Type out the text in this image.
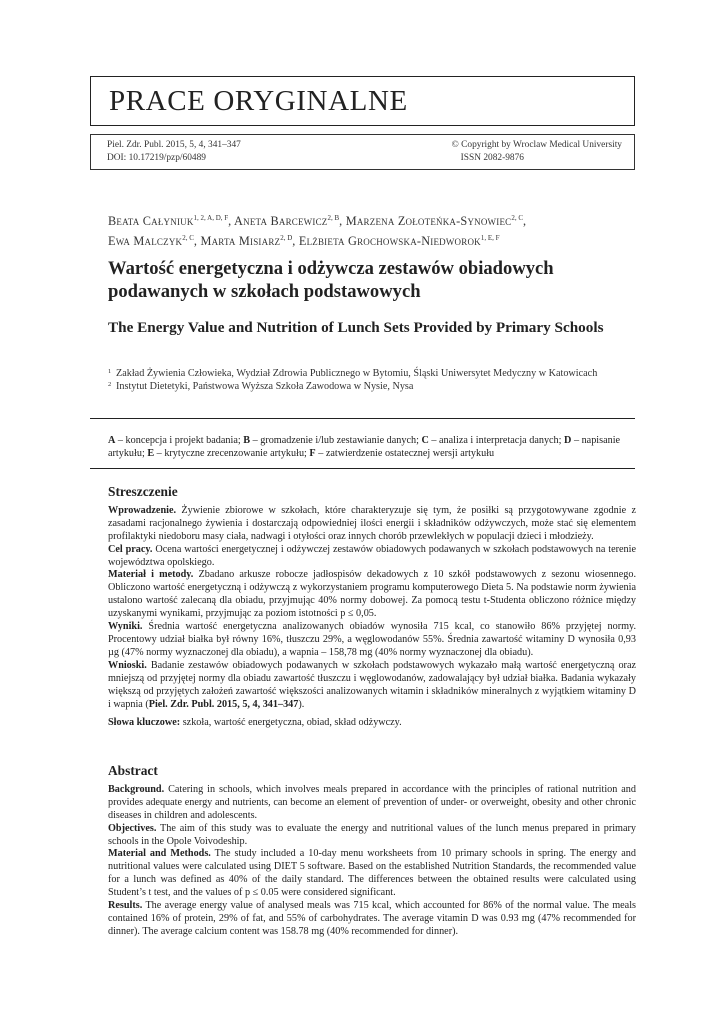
PRACE ORYGINALNE
Piel. Zdr. Publ. 2015, 5, 4, 341–347
DOI: 10.17219/pzp/60489
© Copyright by Wroclaw Medical University
ISSN 2082-9876
Beata Całyniuk$^{1, 2, A, D, F}$, Aneta Barcewicz$^{2, B}$, Marzena Zołoteńka-Synowiec$^{2, C}$,
Ewa Malczyk$^{2, C}$, Marta Misiarz$^{2, D}$, Elżbieta Grochowska-Niedworok$^{1, E, F}$
Wartość energetyczna i odżywcza zestawów obiadowych podawanych w szkołach podstawowych
The Energy Value and Nutrition of Lunch Sets Provided by Primary Schools
1 Zakład Żywienia Człowieka, Wydział Zdrowia Publicznego w Bytomiu, Śląski Uniwersytet Medyczny w Katowicach
2 Instytut Dietetyki, Państwowa Wyższa Szkoła Zawodowa w Nysie, Nysa
A – koncepcja i projekt badania; B – gromadzenie i/lub zestawianie danych; C – analiza i interpretacja danych; D – napisanie artykułu; E – krytyczne zrecenzowanie artykułu; F – zatwierdzenie ostatecznej wersji artykułu
Streszczenie

Wprowadzenie. Żywienie zbiorowe w szkołach, które charakteryzuje się tym, że posiłki są przygotowywane zgodnie z zasadami racjonalnego żywienia i dostarczają odpowiedniej ilości energii i składników odżywczych, może stać się elementem profilaktyki niedoboru masy ciała, nadwagi i otyłości oraz innych chorób przewlekłych w populacji dzieci i młodzieży.

Cel pracy. Ocena wartości energetycznej i odżywczej zestawów obiadowych podawanych w szkołach podstawowych na terenie województwa opolskiego.

Materiał i metody. Zbadano arkusze robocze jadłospisów dekadowych z 10 szkół podstawowych z sezonu wiosennego. Obliczono wartość energetyczną i odżywczą z wykorzystaniem programu komputerowego Dieta 5. Na podstawie norm żywienia ustalono wartość zalecaną dla obiadu, przyjmując 40% normy dobowej. Za pomocą testu t-Studenta obliczono różnice między uzyskanymi wynikami, przyjmując za poziom istotności p ≤ 0,05.

Wyniki. Średnia wartość energetyczna analizowanych obiadów wynosiła 715 kcal, co stanowiło 86% przyjętej normy. Procentowy udział białka był równy 16%, tłuszczu 29%, a węglowodanów 55%. Średnia zawartość witaminy D wynosiła 0,93 µg (47% normy wyznaczonej dla obiadu), a wapnia – 158,78 mg (40% normy wyznaczonej dla obiadu).

Wnioski. Badanie zestawów obiadowych podawanych w szkołach podstawowych wykazało małą wartość energetyczną oraz mniejszą od przyjętej normy dla obiadu zawartość tłuszczu i węglowodanów, zadowalający był udział białka. Badania wykazały większą od przyjętych założeń zawartość większości analizowanych witamin i składników mineralnych z wyjątkiem witaminy D i wapnia (Piel. Zdr. Publ. 2015, 5, 4, 341–347).

Słowa kluczowe: szkoła, wartość energetyczna, obiad, skład odżywczy.

Abstract

Background. Catering in schools, which involves meals prepared in accordance with the principles of rational nutrition and provides adequate energy and nutrients, can become an element of prevention of under- or overweight, obesity and other chronic diseases in children and adolescents.

Objectives. The aim of this study was to evaluate the energy and nutritional values of the lunch menus prepared in primary schools in the Opole Voivodeship.

Material and Methods. The study included a 10-day menu worksheets from 10 primary schools in spring. The energy and nutritional values were calculated using DIET 5 software. Based on the established Nutrition Standards, the recommended value for a lunch was defined as 40% of the daily standard. The differences between the obtained results were calculated using Student’s t test, and the values of p ≤ 0.05 were considered significant.

Results. The average energy value of analysed meals was 715 kcal, which accounted for 86% of the normal value. The meals contained 16% of protein, 29% of fat, and 55% of carbohydrates. The average vitamin D was 0.93 mg (47% recommended for dinner). The average calcium content was 158.78 mg (40% recommended for dinner).
